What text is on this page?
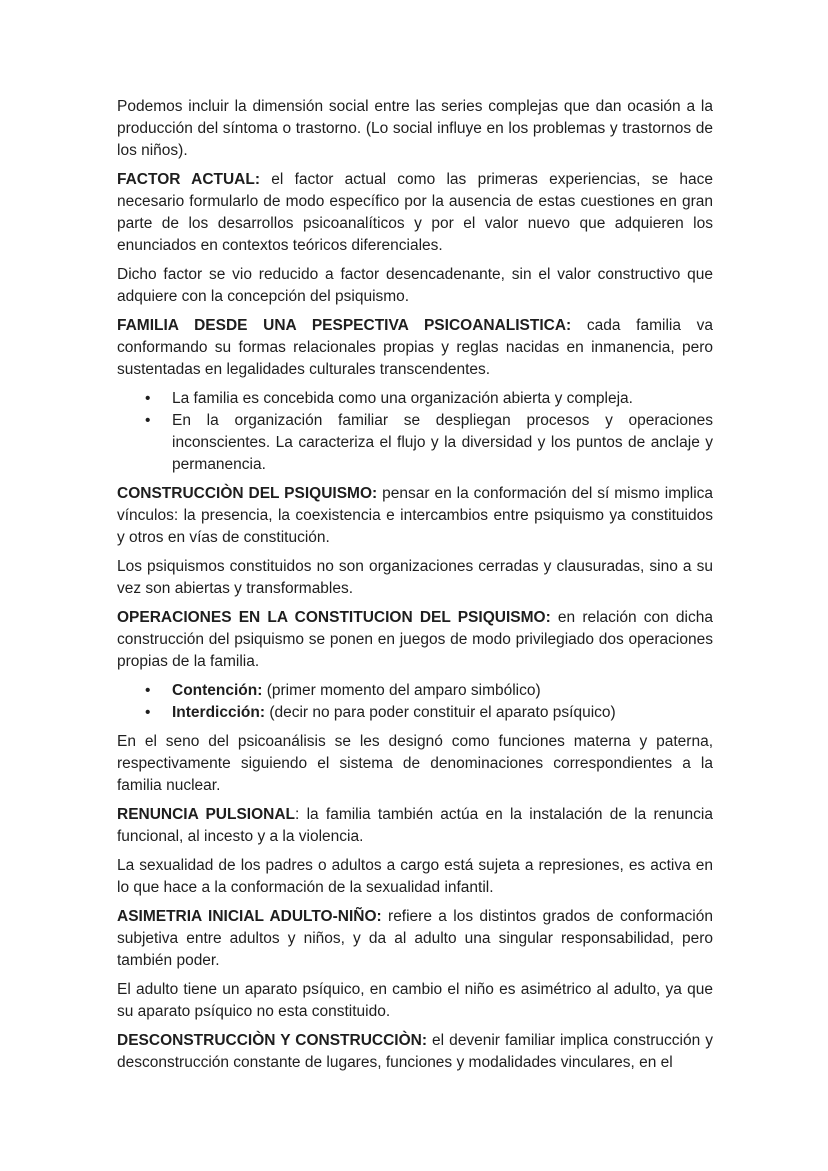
Podemos incluir la dimensión social entre las series complejas que dan ocasión a la producción del síntoma o trastorno. (Lo social influye en los problemas y trastornos de los niños).

FACTOR ACTUAL: el factor actual como las primeras experiencias, se hace necesario formularlo de modo específico por la ausencia de estas cuestiones en gran parte de los desarrollos psicoanalíticos y por el valor nuevo que adquieren los enunciados en contextos teóricos diferenciales.

Dicho factor se vio reducido a factor desencadenante, sin el valor constructivo que adquiere con la concepción del psiquismo.

FAMILIA DESDE UNA PESPECTIVA PSICOANALISTICA: cada familia va conformando su formas relacionales propias y reglas nacidas en inmanencia, pero sustentadas en legalidades culturales transcendentes.

• La familia es concebida como una organización abierta y compleja.
• En la organización familiar se despliegan procesos y operaciones inconscientes. La caracteriza el flujo y la diversidad y los puntos de anclaje y permanencia.

CONSTRUCCIÒN DEL PSIQUISMO: pensar en la conformación del sí mismo implica vínculos: la presencia, la coexistencia e intercambios entre psiquismo ya constituidos y otros en vías de constitución.

Los psiquismos constituidos no son organizaciones cerradas y clausuradas, sino a su vez son abiertas y transformables.

OPERACIONES EN LA CONSTITUCION DEL PSIQUISMO: en relación con dicha construcción del psiquismo se ponen en juegos de modo privilegiado dos operaciones propias de la familia.

• Contención: (primer momento del amparo simbólico)
• Interdicción: (decir no para poder constituir el aparato psíquico)

En el seno del psicoanálisis se les designó como funciones materna y paterna, respectivamente siguiendo el sistema de denominaciones correspondientes a la familia nuclear.

RENUNCIA PULSIONAL: la familia también actúa en la instalación de la renuncia funcional, al incesto y a la violencia.

La sexualidad de los padres o adultos a cargo está sujeta a represiones, es activa en lo que hace a la conformación de la sexualidad infantil.

ASIMETRIA INICIAL ADULTO-NIÑO: refiere a los distintos grados de conformación subjetiva entre adultos y niños, y da al adulto una singular responsabilidad, pero también poder.

El adulto tiene un aparato psíquico, en cambio el niño es asimétrico al adulto, ya que su aparato psíquico no esta constituido.

DESCONSTRUCCIÒN Y CONSTRUCCIÒN: el devenir familiar implica construcción y desconstrucción constante de lugares, funciones y modalidades vinculares, en el
